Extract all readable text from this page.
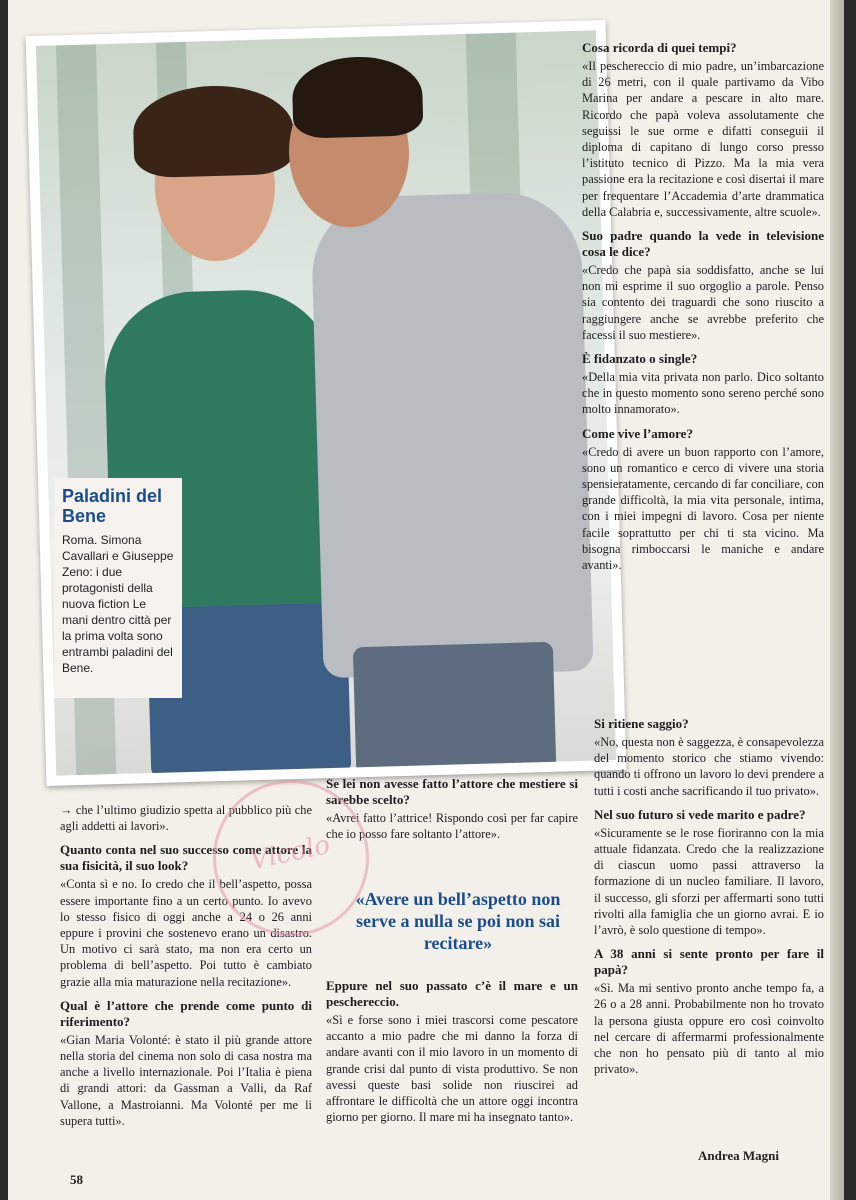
Paladini del Bene
Roma. Simona Cavallari e Giuseppe Zeno: i due protagonisti della nuova fiction Le mani dentro città per la prima volta sono entrambi paladini del Bene.

→ che l’ultimo giudizio spetta al pubblico più che agli addetti ai lavori».

Quanto conta nel suo successo come attore la sua fisicità, il suo look?

«Conta sì e no. Io credo che il bell’aspetto, possa essere importante fino a un certo punto. Io avevo lo stesso fisico di oggi anche a 24 o 26 anni eppure i provini che sostenevo erano un disastro. Un motivo ci sarà stato, ma non era certo un problema di bell’aspetto. Poi tutto è cambiato grazie alla mia maturazione nella recitazione».

Qual è l’attore che prende come punto di riferimento?

«Gian Maria Volonté: è stato il più grande attore nella storia del cinema non solo di casa nostra ma anche a livello internazionale. Poi l’Italia è piena di grandi attori: da Gassman a Valli, da Raf Vallone, a Mastroianni. Ma Volonté per me li supera tutti».

Se lei non avesse fatto l’attore che mestiere si sarebbe scelto?

«Avrei fatto l’attrice! Rispondo così per far capire che io posso fare soltanto l’attore».

«Avere un bell’aspetto non serve a nulla se poi non sai recitare»

Eppure nel suo passato c’è il mare e un peschereccio.

«Sì e forse sono i miei trascorsi come pescatore accanto a mio padre che mi danno la forza di andare avanti con il mio lavoro in un momento di grande crisi dal punto di vista produttivo. Se non avessi queste basi solide non riuscirei ad affrontare le difficoltà che un attore oggi incontra giorno per giorno. Il mare mi ha insegnato tanto».

Cosa ricorda di quei tempi?

«Il peschereccio di mio padre, un’imbarcazione di 26 metri, con il quale partivamo da Vibo Marina per andare a pescare in alto mare. Ricordo che papà voleva assolutamente che seguissi le sue orme e difatti conseguii il diploma di capitano di lungo corso presso l’istituto tecnico di Pizzo. Ma la mia vera passione era la recitazione e così disertai il mare per frequentare l’Accademia d’arte drammatica della Calabria e, successivamente, altre scuole».

Suo padre quando la vede in televisione cosa le dice?

«Credo che papà sia soddisfatto, anche se lui non mi esprime il suo orgoglio a parole. Penso sia contento dei traguardi che sono riuscito a raggiungere anche se avrebbe preferito che facessi il suo mestiere».

È fidanzato o single?

«Della mia vita privata non parlo. Dico soltanto che in questo momento sono sereno perché sono molto innamorato».

Come vive l’amore?

«Credo di avere un buon rapporto con l’amore, sono un romantico e cerco di vivere una storia spensieratamente, cercando di far conciliare, con grande difficoltà, la mia vita personale, intima, con i miei impegni di lavoro. Cosa per niente facile soprattutto per chi ti sta vicino. Ma bisogna rimboccarsi le maniche e andare avanti».

Si ritiene saggio?

«No, questa non è saggezza, è consapevolezza del momento storico che stiamo vivendo: quando ti offrono un lavoro lo devi prendere a tutti i costi anche sacrificando il tuo privato».

Nel suo futuro si vede marito e padre?

«Sicuramente se le rose fioriranno con la mia attuale fidanzata. Credo che la realizzazione di ciascun uomo passi attraverso la formazione di un nucleo familiare. Il lavoro, il successo, gli sforzi per affermarti sono tutti rivolti alla famiglia che un giorno avrai. E io l’avrò, è solo questione di tempo».

A 38 anni si sente pronto per fare il papà?

«Sì. Ma mi sentivo pronto anche tempo fa, a 26 o a 28 anni. Probabilmente non ho trovato la persona giusta oppure ero così coinvolto nel cercare di affermarmi professionalmente che non ho pensato più di tanto al mio privato».

Vicolo
58
Andrea Magni
